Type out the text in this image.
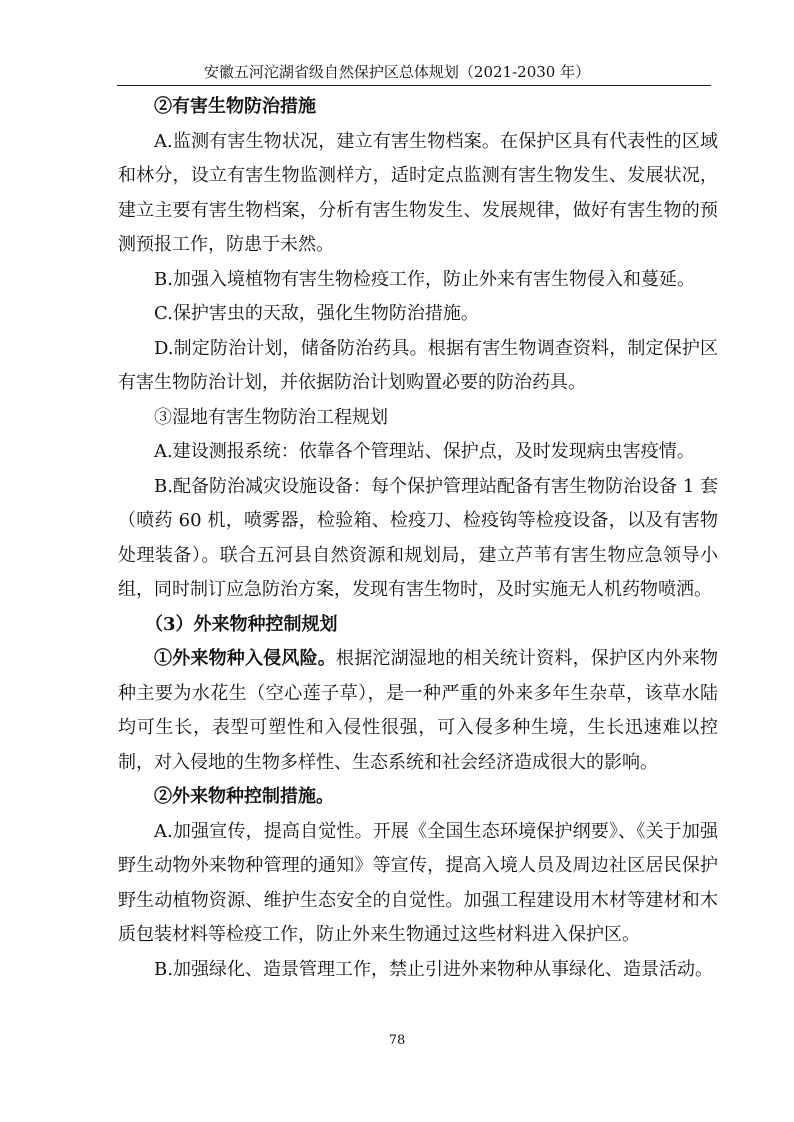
安徽五河沱湖省级自然保护区总体规划（2021-2030 年）

②有害生物防治措施

A.监测有害生物状况，建立有害生物档案。在保护区具有代表性的区域和林分，设立有害生物监测样方，适时定点监测有害生物发生、发展状况，建立主要有害生物档案，分析有害生物发生、发展规律，做好有害生物的预测预报工作，防患于未然。

B.加强入境植物有害生物检疫工作，防止外来有害生物侵入和蔓延。

C.保护害虫的天敌，强化生物防治措施。

D.制定防治计划，储备防治药具。根据有害生物调查资料，制定保护区有害生物防治计划，并依据防治计划购置必要的防治药具。

③湿地有害生物防治工程规划

A.建设测报系统：依靠各个管理站、保护点，及时发现病虫害疫情。

B.配备防治减灾设施设备：每个保护管理站配备有害生物防治设备 1 套（喷药 60 机，喷雾器，检验箱、检疫刀、检疫钩等检疫设备，以及有害物处理装备）。联合五河县自然资源和规划局，建立芦苇有害生物应急领导小组，同时制订应急防治方案，发现有害生物时，及时实施无人机药物喷洒。

（3）外来物种控制规划

①外来物种入侵风险。根据沱湖湿地的相关统计资料，保护区内外来物种主要为水花生（空心莲子草），是一种严重的外来多年生杂草，该草水陆均可生长，表型可塑性和入侵性很强，可入侵多种生境，生长迅速难以控制，对入侵地的生物多样性、生态系统和社会经济造成很大的影响。

②外来物种控制措施。

A.加强宣传，提高自觉性。开展《全国生态环境保护纲要》、《关于加强野生动物外来物种管理的通知》等宣传，提高入境人员及周边社区居民保护野生动植物资源、维护生态安全的自觉性。加强工程建设用木材等建材和木质包装材料等检疫工作，防止外来生物通过这些材料进入保护区。

B.加强绿化、造景管理工作，禁止引进外来物种从事绿化、造景活动。

78
